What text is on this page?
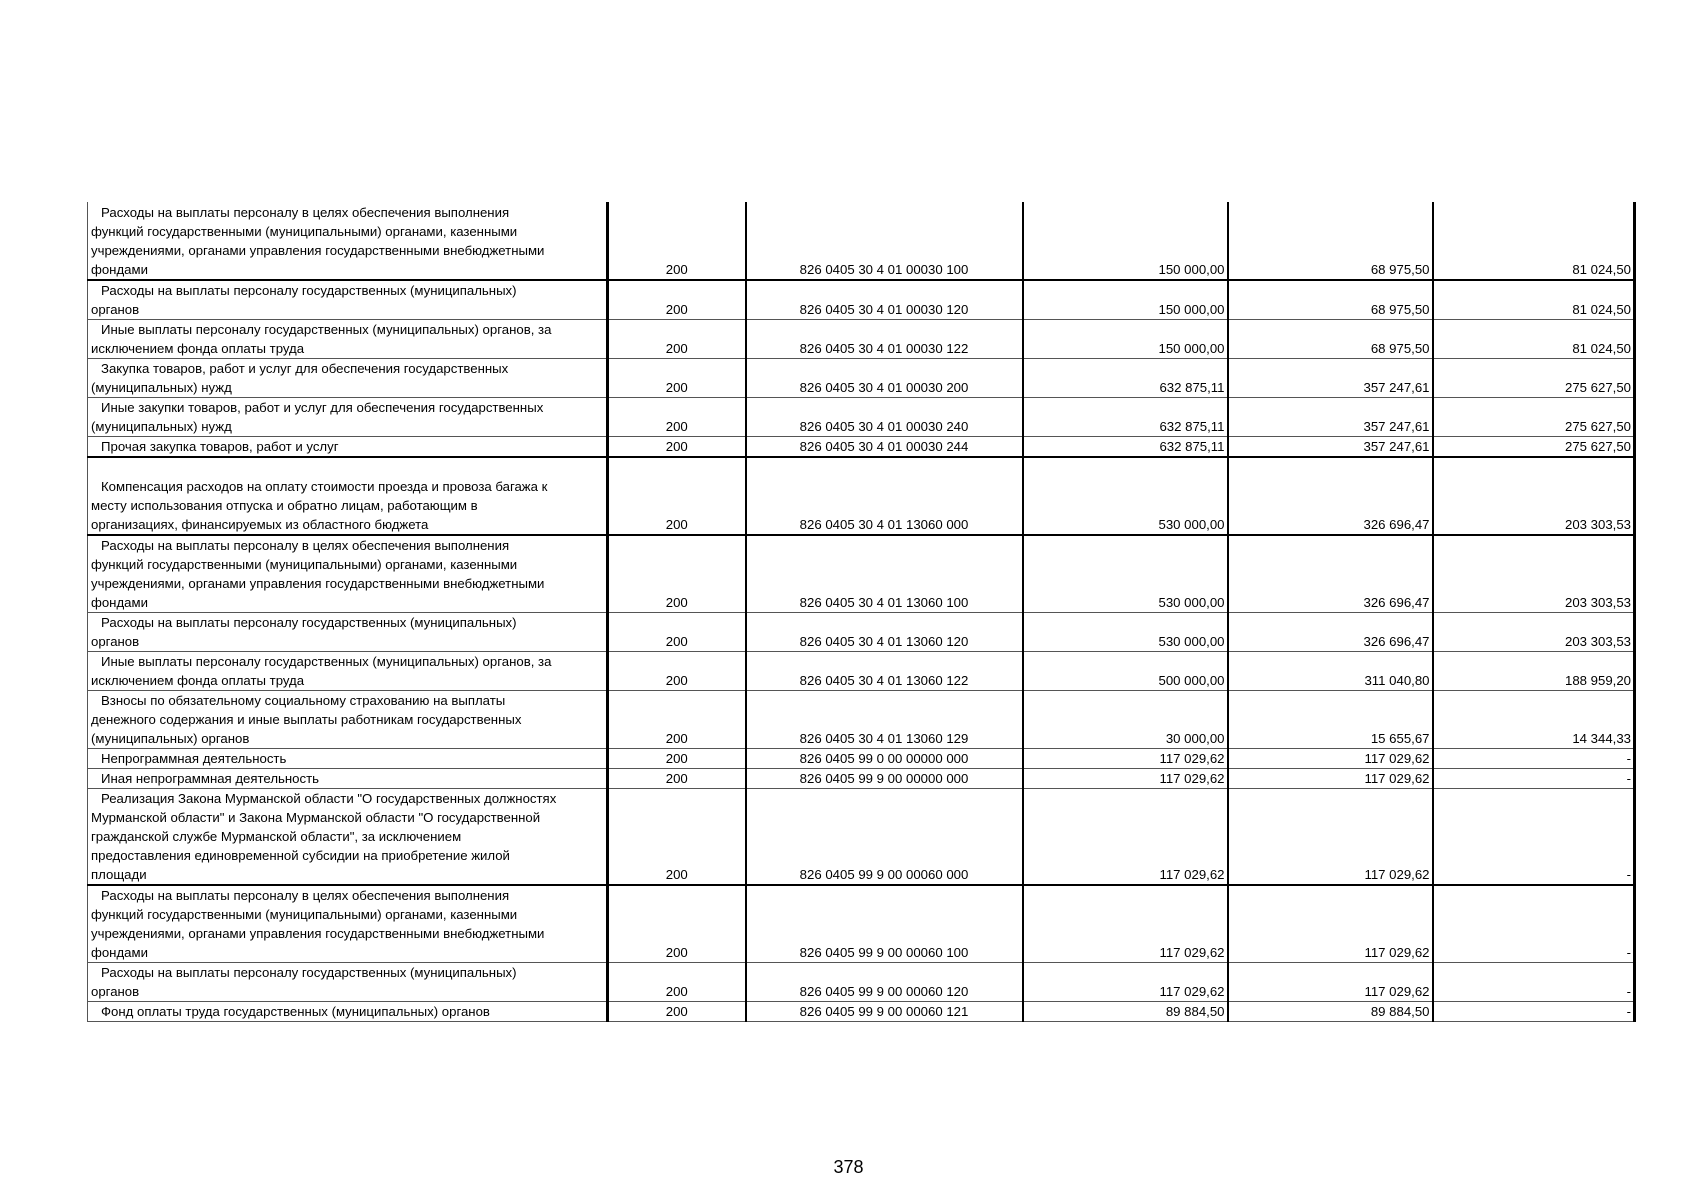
Расходы на выплаты персоналу в целях обеспечения выполнения
функций государственными (муниципальными) органами, казенными
учреждениями, органами управления государственными внебюджетными
фондами	200	826 0405 30 4 01 00030 100	150 000,00	68 975,50	81 024,50

Расходы на выплаты персоналу государственных (муниципальных)
органов	200	826 0405 30 4 01 00030 120	150 000,00	68 975,50	81 024,50

Иные выплаты персоналу государственных (муниципальных) органов, за
исключением фонда оплаты труда	200	826 0405 30 4 01 00030 122	150 000,00	68 975,50	81 024,50

Закупка товаров, работ и услуг для обеспечения государственных
(муниципальных) нужд	200	826 0405 30 4 01 00030 200	632 875,11	357 247,61	275 627,50

Иные закупки товаров, работ и услуг для обеспечения государственных
(муниципальных) нужд	200	826 0405 30 4 01 00030 240	632 875,11	357 247,61	275 627,50

Прочая закупка товаров, работ и услуг	200	826 0405 30 4 01 00030 244	632 875,11	357 247,61	275 627,50

Компенсация расходов на оплату стоимости проезда и провоза багажа к
месту использования отпуска и обратно лицам, работающим в
организациях, финансируемых из областного бюджета	200	826 0405 30 4 01 13060 000	530 000,00	326 696,47	203 303,53

Расходы на выплаты персоналу в целях обеспечения выполнения
функций государственными (муниципальными) органами, казенными
учреждениями, органами управления государственными внебюджетными
фондами	200	826 0405 30 4 01 13060 100	530 000,00	326 696,47	203 303,53

Расходы на выплаты персоналу государственных (муниципальных)
органов	200	826 0405 30 4 01 13060 120	530 000,00	326 696,47	203 303,53

Иные выплаты персоналу государственных (муниципальных) органов, за
исключением фонда оплаты труда	200	826 0405 30 4 01 13060 122	500 000,00	311 040,80	188 959,20

Взносы по обязательному социальному страхованию на выплаты
денежного содержания и иные выплаты работникам государственных
(муниципальных) органов	200	826 0405 30 4 01 13060 129	30 000,00	15 655,67	14 344,33

Непрограммная деятельность	200	826 0405 99 0 00 00000 000	117 029,62	117 029,62	-

Иная непрограммная деятельность	200	826 0405 99 9 00 00000 000	117 029,62	117 029,62	-

Реализация Закона Мурманской области "О государственных должностях
Мурманской области" и Закона Мурманской области "О государственной
гражданской службе Мурманской области", за исключением
предоставления единовременной субсидии на приобретение жилой
площади	200	826 0405 99 9 00 00060 000	117 029,62	117 029,62	-

Расходы на выплаты персоналу в целях обеспечения выполнения
функций государственными (муниципальными) органами, казенными
учреждениями, органами управления государственными внебюджетными
фондами	200	826 0405 99 9 00 00060 100	117 029,62	117 029,62	-

Расходы на выплаты персоналу государственных (муниципальных)
органов	200	826 0405 99 9 00 00060 120	117 029,62	117 029,62	-

Фонд оплаты труда государственных (муниципальных) органов	200	826 0405 99 9 00 00060 121	89 884,50	89 884,50	-
378
